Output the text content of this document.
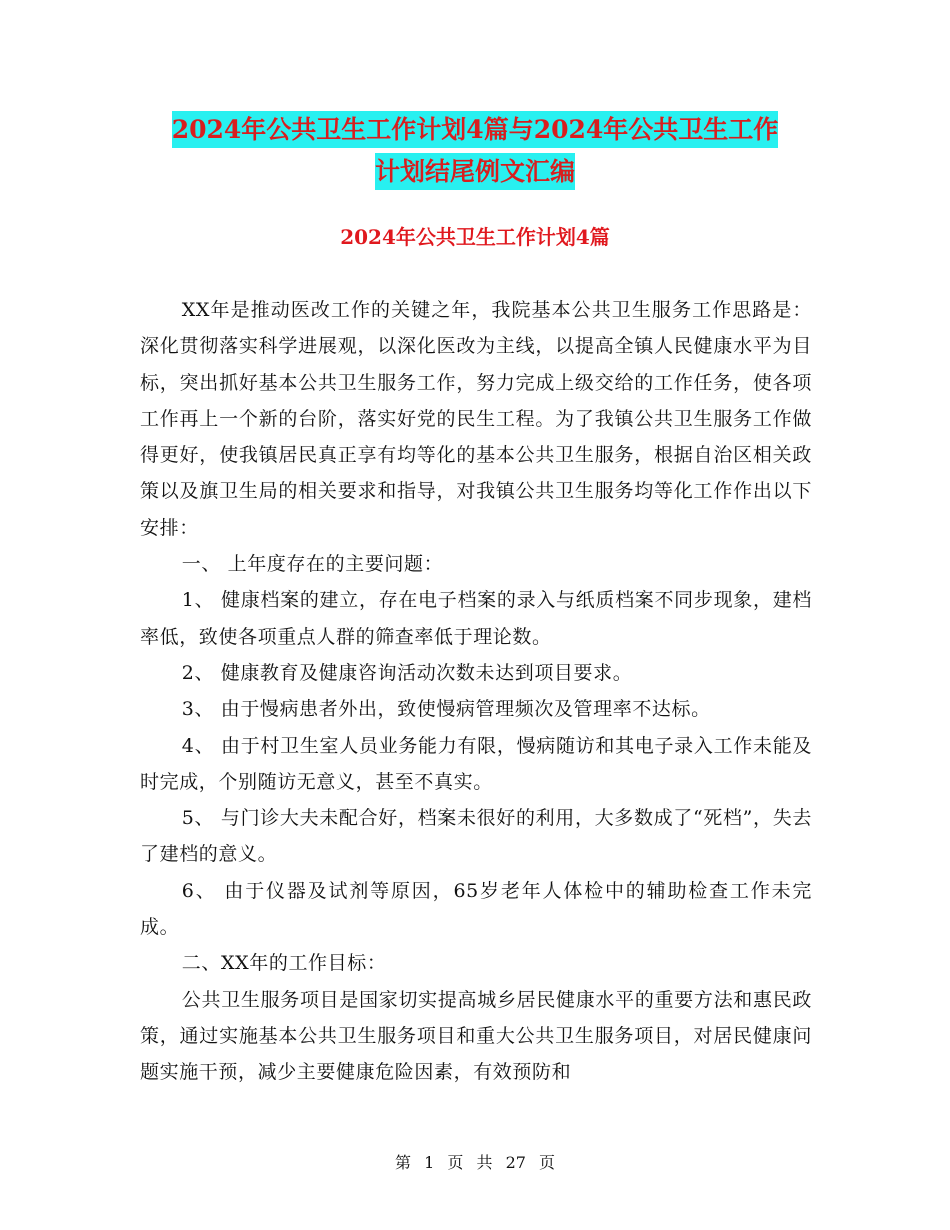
2024年公共卫生工作计划4篇与2024年公共卫生工作
计划结尾例文汇编
2024年公共卫生工作计划4篇

XX年是推动医改工作的关键之年，我院基本公共卫生服务工作思路是：深化贯彻落实科学进展观，以深化医改为主线，以提高全镇人民健康水平为目标，突出抓好基本公共卫生服务工作，努力完成上级交给的工作任务，使各项工作再上一个新的台阶，落实好党的民生工程。为了我镇公共卫生服务工作做得更好，使我镇居民真正享有均等化的基本公共卫生服务，根据自治区相关政策以及旗卫生局的相关要求和指导，对我镇公共卫生服务均等化工作作出以下安排：

一、 上年度存在的主要问题：

1、 健康档案的建立，存在电子档案的录入与纸质档案不同步现象，建档率低，致使各项重点人群的筛查率低于理论数。

2、 健康教育及健康咨询活动次数未达到项目要求。

3、 由于慢病患者外出，致使慢病管理频次及管理率不达标。

4、 由于村卫生室人员业务能力有限，慢病随访和其电子录入工作未能及时完成，个别随访无意义，甚至不真实。

5、 与门诊大夫未配合好，档案未很好的利用，大多数成了“死档”，失去了建档的意义。

6、 由于仪器及试剂等原因，65岁老年人体检中的辅助检查工作未完成。

二、XX年的工作目标：

公共卫生服务项目是国家切实提高城乡居民健康水平的重要方法和惠民政策，通过实施基本公共卫生服务项目和重大公共卫生服务项目，对居民健康问题实施干预，减少主要健康危险因素，有效预防和

第 1 页 共 27 页
